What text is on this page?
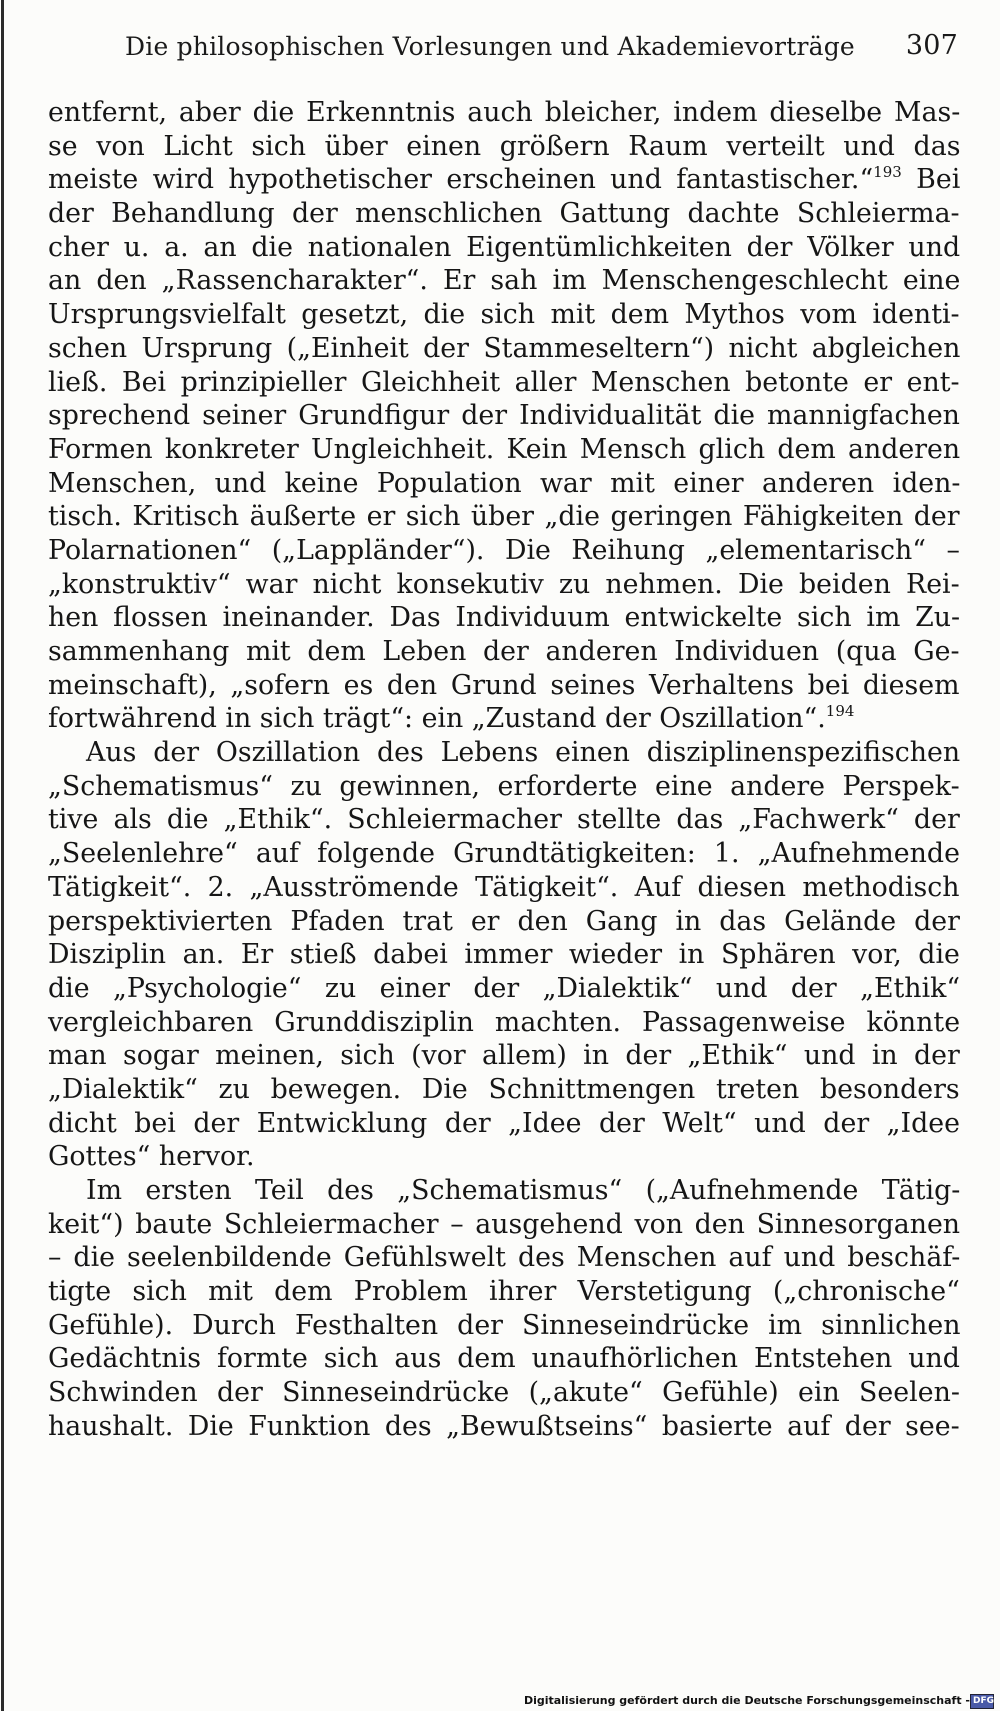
Die philosophischen Vorlesungen und Akademievorträge 307
entfernt, aber die Erkenntnis auch bleicher, indem dieselbe Mas-
se von Licht sich über einen größern Raum verteilt und das
meiste wird hypothetischer erscheinen und fantastischer.“$^{193}$ Bei
der Behandlung der menschlichen Gattung dachte Schleierma-
cher u. a. an die nationalen Eigentümlichkeiten der Völker und
an den „Rassencharakter“. Er sah im Menschengeschlecht eine
Ursprungsvielfalt gesetzt, die sich mit dem Mythos vom identi-
schen Ursprung („Einheit der Stammeseltern“) nicht abgleichen
ließ. Bei prinzipieller Gleichheit aller Menschen betonte er ent-
sprechend seiner Grundfigur der Individualität die mannigfachen
Formen konkreter Ungleichheit. Kein Mensch glich dem anderen
Menschen, und keine Population war mit einer anderen iden-
tisch. Kritisch äußerte er sich über „die geringen Fähigkeiten der
Polarnationen“ („Lappländer“). Die Reihung „elementarisch“ –
„konstruktiv“ war nicht konsekutiv zu nehmen. Die beiden Rei-
hen flossen ineinander. Das Individuum entwickelte sich im Zu-
sammenhang mit dem Leben der anderen Individuen (qua Ge-
meinschaft), „sofern es den Grund seines Verhaltens bei diesem
fortwährend in sich trägt“: ein „Zustand der Oszillation“.$^{194}$
Aus der Oszillation des Lebens einen disziplinenspezifischen
„Schematismus“ zu gewinnen, erforderte eine andere Perspek-
tive als die „Ethik“. Schleiermacher stellte das „Fachwerk“ der
„Seelenlehre“ auf folgende Grundtätigkeiten: 1. „Aufnehmende
Tätigkeit“. 2. „Ausströmende Tätigkeit“. Auf diesen methodisch
perspektivierten Pfaden trat er den Gang in das Gelände der
Disziplin an. Er stieß dabei immer wieder in Sphären vor, die
die „Psychologie“ zu einer der „Dialektik“ und der „Ethik“
vergleichbaren Grunddisziplin machten. Passagenweise könnte
man sogar meinen, sich (vor allem) in der „Ethik“ und in der
„Dialektik“ zu bewegen. Die Schnittmengen treten besonders
dicht bei der Entwicklung der „Idee der Welt“ und der „Idee
Gottes“ hervor.
Im ersten Teil des „Schematismus“ („Aufnehmende Tätig-
keit“) baute Schleiermacher – ausgehend von den Sinnesorganen
– die seelenbildende Gefühlswelt des Menschen auf und beschäf-
tigte sich mit dem Problem ihrer Verstetigung („chronische“
Gefühle). Durch Festhalten der Sinneseindrücke im sinnlichen
Gedächtnis formte sich aus dem unaufhörlichen Entstehen und
Schwinden der Sinneseindrücke („akute“ Gefühle) ein Seelen-
haushalt. Die Funktion des „Bewußtseins“ basierte auf der see-
Digitalisierung gefördert durch die Deutsche Forschungsgemeinschaft - DFG
